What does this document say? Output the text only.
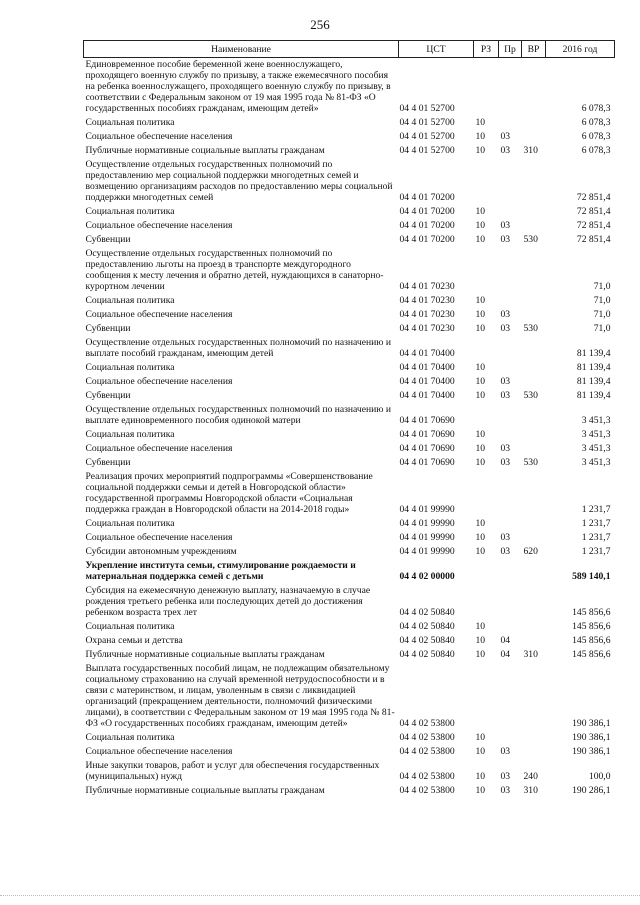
256
Наименование	ЦСТ	РЗ	Пр	ВР	2016 год
Единовременное пособие беременной жене военнослужащего, проходящего военную службу по призыву, а также ежемесячного пособия на ребенка военнослужащего, проходящего военную службу по призыву, в соответствии с Федеральным законом от 19 мая 1995 года № 81-ФЗ «О государственных пособиях гражданам, имеющим детей»	04 4 01 52700				6 078,3
Социальная политика	04 4 01 52700	10			6 078,3
Социальное обеспечение населения	04 4 01 52700	10	03		6 078,3
Публичные нормативные социальные выплаты гражданам	04 4 01 52700	10	03	310	6 078,3
Осуществление отдельных государственных полномочий по предоставлению мер социальной поддержки многодетных семей и возмещению организациям расходов по предоставлению меры социальной поддержки многодетных семей	04 4 01 70200				72 851,4
Социальная политика	04 4 01 70200	10			72 851,4
Социальное обеспечение населения	04 4 01 70200	10	03		72 851,4
Субвенции	04 4 01 70200	10	03	530	72 851,4
Осуществление отдельных государственных полномочий по предоставлению льготы на проезд в транспорте междугородного сообщения к месту лечения и обратно детей, нуждающихся в санаторно-курортном лечении	04 4 01 70230				71,0
Социальная политика	04 4 01 70230	10			71,0
Социальное обеспечение населения	04 4 01 70230	10	03		71,0
Субвенции	04 4 01 70230	10	03	530	71,0
Осуществление отдельных государственных полномочий по назначению и выплате пособий гражданам, имеющим детей	04 4 01 70400				81 139,4
Социальная политика	04 4 01 70400	10			81 139,4
Социальное обеспечение населения	04 4 01 70400	10	03		81 139,4
Субвенции	04 4 01 70400	10	03	530	81 139,4
Осуществление отдельных государственных полномочий по назначению и выплате единовременного пособия одинокой матери	04 4 01 70690				3 451,3
Социальная политика	04 4 01 70690	10			3 451,3
Социальное обеспечение населения	04 4 01 70690	10	03		3 451,3
Субвенции	04 4 01 70690	10	03	530	3 451,3
Реализация прочих мероприятий подпрограммы «Совершенствование социальной поддержки семьи и детей в Новгородской области» государственной программы Новгородской области «Социальная поддержка граждан в Новгородской области на 2014-2018 годы»	04 4 01 99990				1 231,7
Социальная политика	04 4 01 99990	10			1 231,7
Социальное обеспечение населения	04 4 01 99990	10	03		1 231,7
Субсидии автономным учреждениям	04 4 01 99990	10	03	620	1 231,7
Укрепление института семьи, стимулирование рождаемости и материальная поддержка семей с детьми	04 4 02 00000				589 140,1
Субсидия на ежемесячную денежную выплату, назначаемую в случае рождения третьего ребенка или последующих детей до достижения ребенком возраста трех лет	04 4 02 50840				145 856,6
Социальная политика	04 4 02 50840	10			145 856,6
Охрана семьи и детства	04 4 02 50840	10	04		145 856,6
Публичные нормативные социальные выплаты гражданам	04 4 02 50840	10	04	310	145 856,6
Выплата государственных пособий лицам, не подлежащим обязательному социальному страхованию на случай временной нетрудоспособности и в связи с материнством, и лицам, уволенным в связи с ликвидацией организаций (прекращением деятельности, полномочий физическими лицами), в соответствии с Федеральным законом от 19 мая 1995 года № 81-ФЗ «О государственных пособиях гражданам, имеющим детей»	04 4 02 53800				190 386,1
Социальная политика	04 4 02 53800	10			190 386,1
Социальное обеспечение населения	04 4 02 53800	10	03		190 386,1
Иные закупки товаров, работ и услуг для обеспечения государственных (муниципальных) нужд	04 4 02 53800	10	03	240	100,0
Публичные нормативные социальные выплаты гражданам	04 4 02 53800	10	03	310	190 286,1
